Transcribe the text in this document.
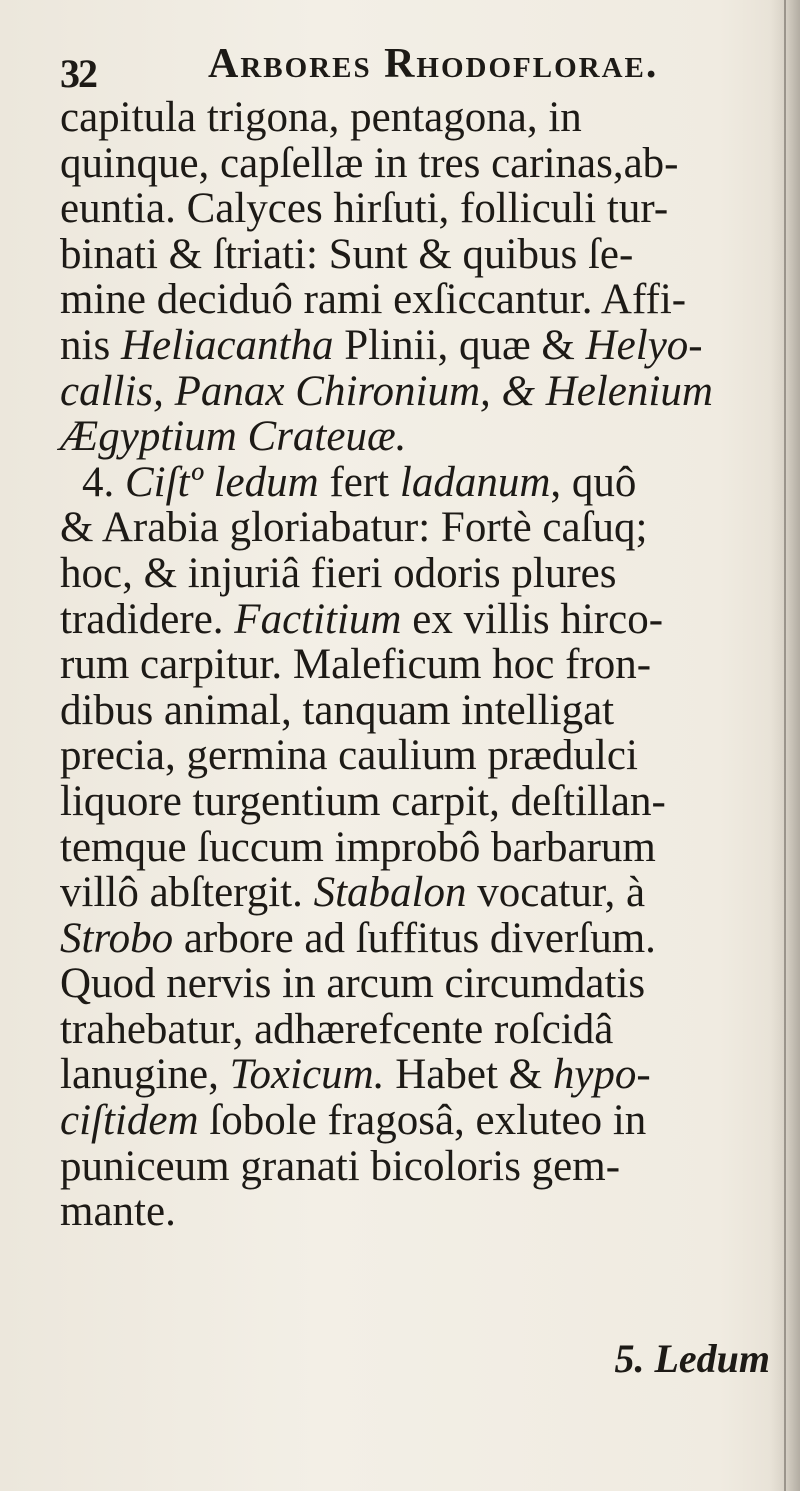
32	Arbores Rhodoflorae.
capitula trigona, pentagona, in
quinque, capſellæ in tres carinas,ab-
euntia. Calyces hirſuti, folliculi tur-
binati & ſtriati: Sunt & quibus ſe-
mine deciduô rami exſiccantur. Affi-
nis Heliacantha Plinii, quæ & Helyo-
callis, Panax Chironium, & Helenium
Ægyptium Crateuæ.
4. Ciſtº ledum fert ladanum, quô
& Arabia gloriabatur: Fortè caſuq;
hoc, & injuriâ fieri odoris plures
tradidere. Factitium ex villis hirco-
rum carpitur. Maleficum hoc fron-
dibus animal, tanquam intelligat
precia, germina caulium prædulci
liquore turgentium carpit, deſtillan-
temque ſuccum improbô barbarum
villô abſtergit. Stabalon vocatur, à
Strobo arbore ad ſuffitus diverſum.
Quod nervis in arcum circumdatis
trahebatur, adhærefcente roſcidâ
lanugine, Toxicum. Habet & hypo-
ciſtidem ſobole fragosâ, exluteo in
puniceum granati bicoloris gem-
mante.
5. Ledum
